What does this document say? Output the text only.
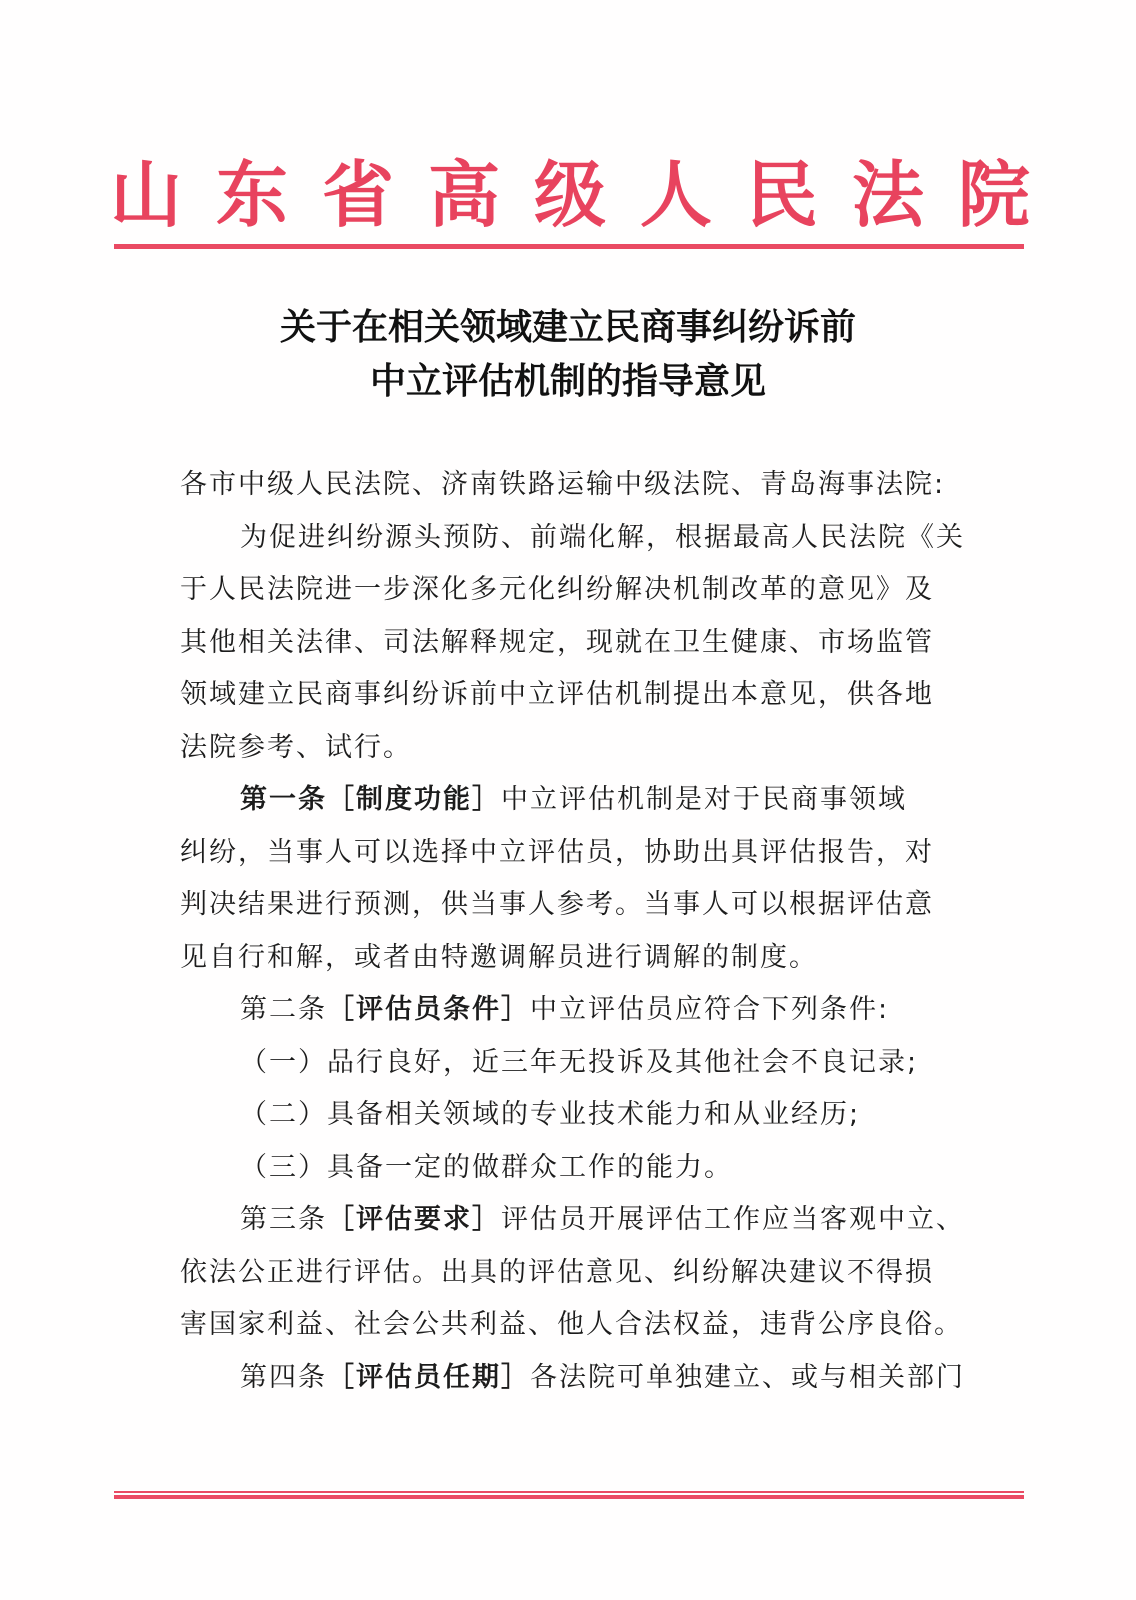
山 东 省 高 级 人 民 法 院
关于在相关领域建立民商事纠纷诉前
中立评估机制的指导意见
各市中级人民法院、济南铁路运输中级法院、青岛海事法院:
为促进纠纷源头预防、前端化解，根据最高人民法院《关
于人民法院进一步深化多元化纠纷解决机制改革的意见》及
其他相关法律、司法解释规定，现就在卫生健康、市场监管
领域建立民商事纠纷诉前中立评估机制提出本意见，供各地
法院参考、试行。
第一条［制度功能］中立评估机制是对于民商事领域
纠纷，当事人可以选择中立评估员，协助出具评估报告，对
判决结果进行预测，供当事人参考。当事人可以根据评估意
见自行和解，或者由特邀调解员进行调解的制度。
第二条［评估员条件］中立评估员应符合下列条件:
（一）品行良好，近三年无投诉及其他社会不良记录;
（二）具备相关领域的专业技术能力和从业经历;
（三）具备一定的做群众工作的能力。
第三条［评估要求］评估员开展评估工作应当客观中立、
依法公正进行评估。出具的评估意见、纠纷解决建议不得损
害国家利益、社会公共利益、他人合法权益，违背公序良俗。
第四条［评估员任期］各法院可单独建立、或与相关部门
